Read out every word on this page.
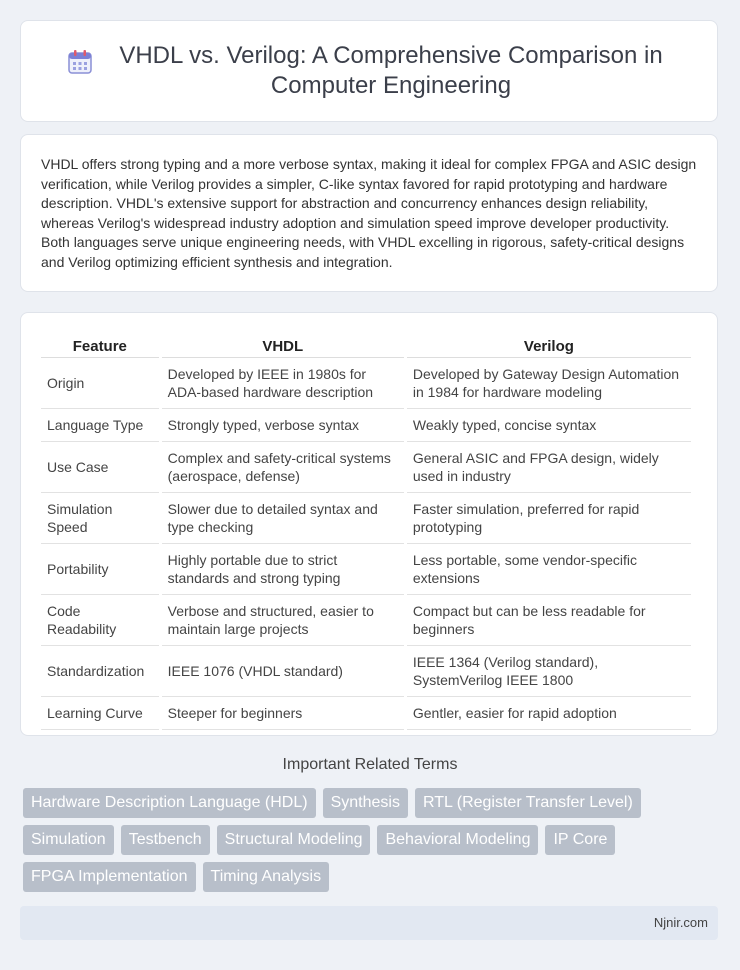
VHDL vs. Verilog: A Comprehensive Comparison in Computer Engineering

VHDL offers strong typing and a more verbose syntax, making it ideal for complex FPGA and ASIC design verification, while Verilog provides a simpler, C-like syntax favored for rapid prototyping and hardware description. VHDL's extensive support for abstraction and concurrency enhances design reliability, whereas Verilog's widespread industry adoption and simulation speed improve developer productivity. Both languages serve unique engineering needs, with VHDL excelling in rigorous, safety-critical designs and Verilog optimizing efficient synthesis and integration.

Feature	VHDL	Verilog
Origin	Developed by IEEE in 1980s for ADA-based hardware description	Developed by Gateway Design Automation in 1984 for hardware modeling
Language Type	Strongly typed, verbose syntax	Weakly typed, concise syntax
Use Case	Complex and safety-critical systems (aerospace, defense)	General ASIC and FPGA design, widely used in industry
Simulation Speed	Slower due to detailed syntax and type checking	Faster simulation, preferred for rapid prototyping
Portability	Highly portable due to strict standards and strong typing	Less portable, some vendor-specific extensions
Code Readability	Verbose and structured, easier to maintain large projects	Compact but can be less readable for beginners
Standardization	IEEE 1076 (VHDL standard)	IEEE 1364 (Verilog standard), SystemVerilog IEEE 1800
Learning Curve	Steeper for beginners	Gentler, easier for rapid adoption
Important Related Terms
Hardware Description Language (HDL)	Synthesis	RTL (Register Transfer Level)
Simulation	Testbench	Structural Modeling	Behavioral Modeling	IP Core
FPGA Implementation	Timing Analysis
Njnir.com
